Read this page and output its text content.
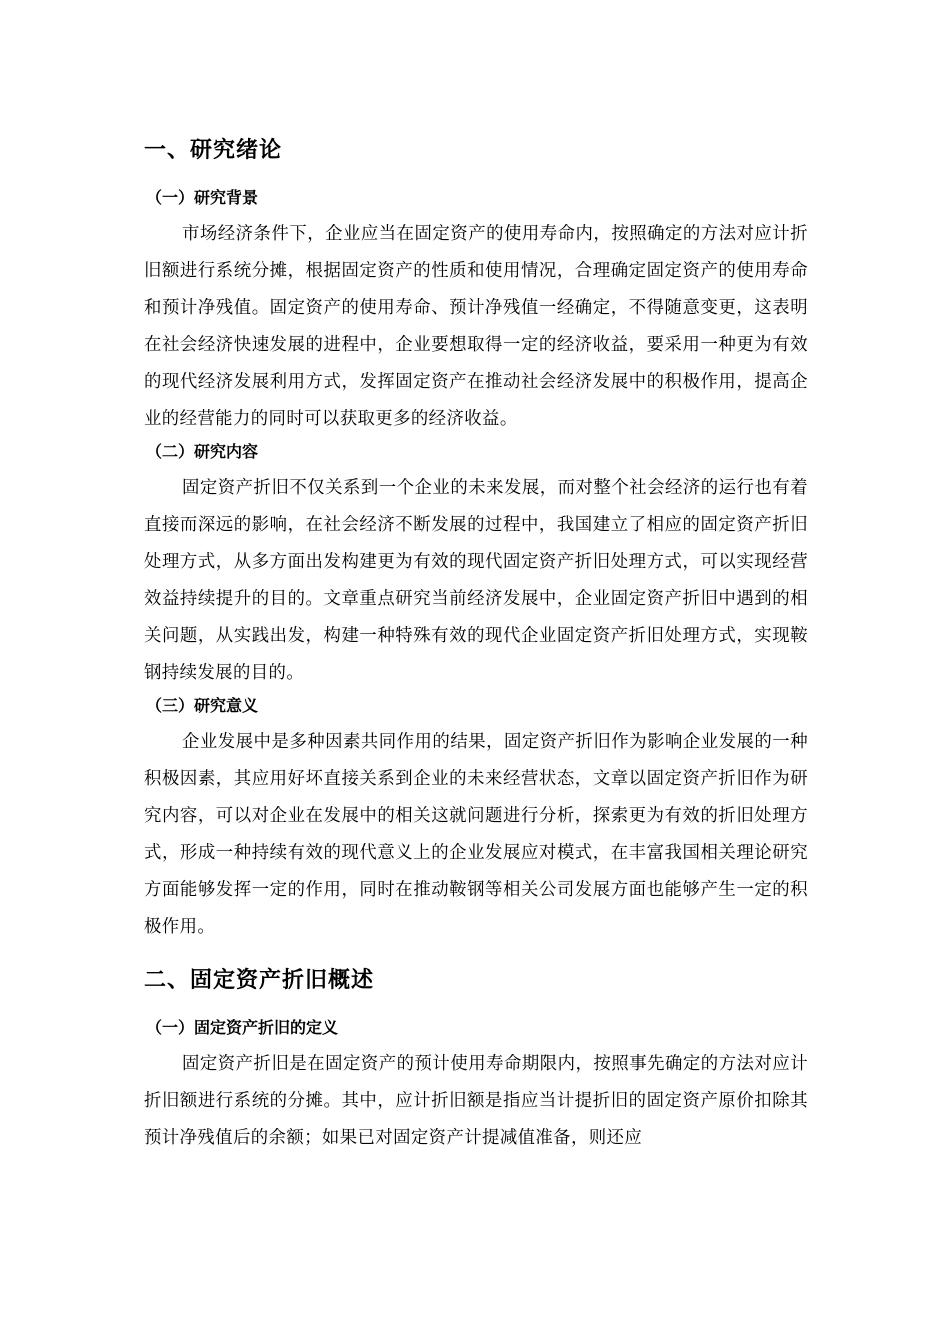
一、研究绪论
（一）研究背景

市场经济条件下，企业应当在固定资产的使用寿命内，按照确定的方法对应计折旧额进行系统分摊，根据固定资产的性质和使用情况，合理确定固定资产的使用寿命和预计净残值。固定资产的使用寿命、预计净残值一经确定，不得随意变更，这表明在社会经济快速发展的进程中，企业要想取得一定的经济收益，要采用一种更为有效的现代经济发展利用方式，发挥固定资产在推动社会经济发展中的积极作用，提高企业的经营能力的同时可以获取更多的经济收益。

（二）研究内容

固定资产折旧不仅关系到一个企业的未来发展，而对整个社会经济的运行也有着直接而深远的影响，在社会经济不断发展的过程中，我国建立了相应的固定资产折旧处理方式，从多方面出发构建更为有效的现代固定资产折旧处理方式，可以实现经营效益持续提升的目的。文章重点研究当前经济发展中，企业固定资产折旧中遇到的相关问题，从实践出发，构建一种特殊有效的现代企业固定资产折旧处理方式，实现鞍钢持续发展的目的。

（三）研究意义

企业发展中是多种因素共同作用的结果，固定资产折旧作为影响企业发展的一种积极因素，其应用好坏直接关系到企业的未来经营状态，文章以固定资产折旧作为研究内容，可以对企业在发展中的相关这就问题进行分析，探索更为有效的折旧处理方式，形成一种持续有效的现代意义上的企业发展应对模式，在丰富我国相关理论研究方面能够发挥一定的作用，同时在推动鞍钢等相关公司发展方面也能够产生一定的积极作用。

二、固定资产折旧概述
（一）固定资产折旧的定义

固定资产折旧是在固定资产的预计使用寿命期限内，按照事先确定的方法对应计折旧额进行系统的分摊。其中，应计折旧额是指应当计提折旧的固定资产原价扣除其预计净残值后的余额；如果已对固定资产计提减值准备，则还应
